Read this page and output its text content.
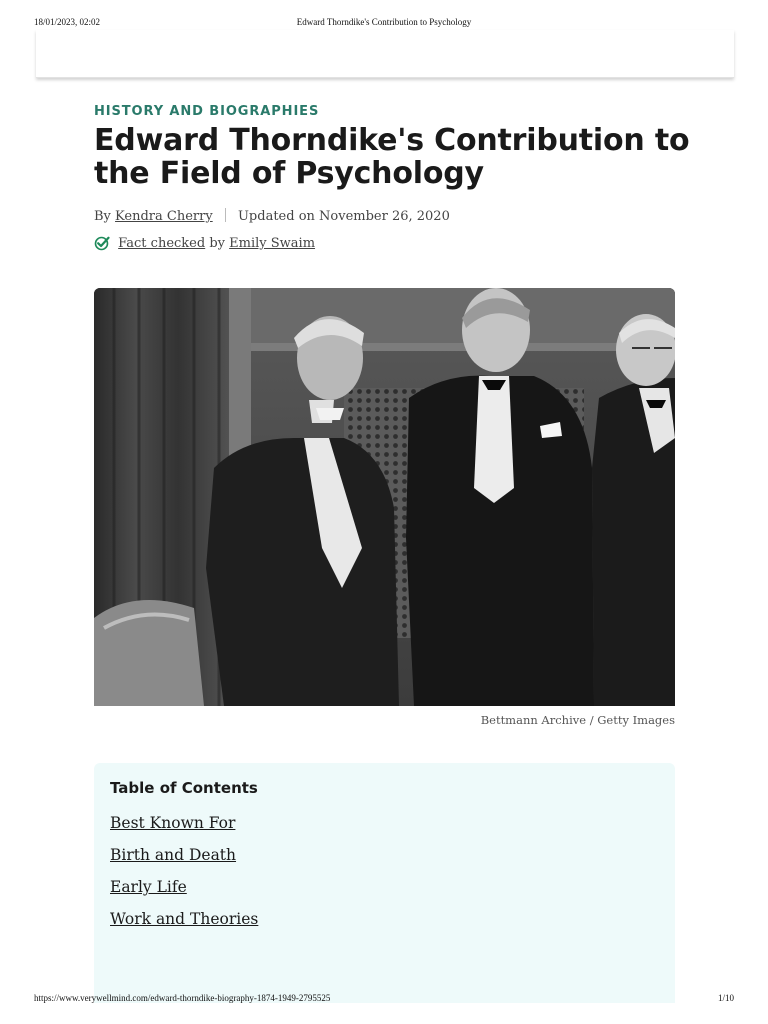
18/01/2023, 02:02	Edward Thorndike's Contribution to Psychology
HISTORY AND BIOGRAPHIES
Edward Thorndike's Contribution to the Field of Psychology
By Kendra Cherry Updated on November 26, 2020
Fact checked by Emily Swaim
Bettmann Archive / Getty Images
Table of Contents
Best Known For
Birth and Death
Early Life
Work and Theories
https://www.verywellmind.com/edward-thorndike-biography-1874-1949-2795525	1/10
